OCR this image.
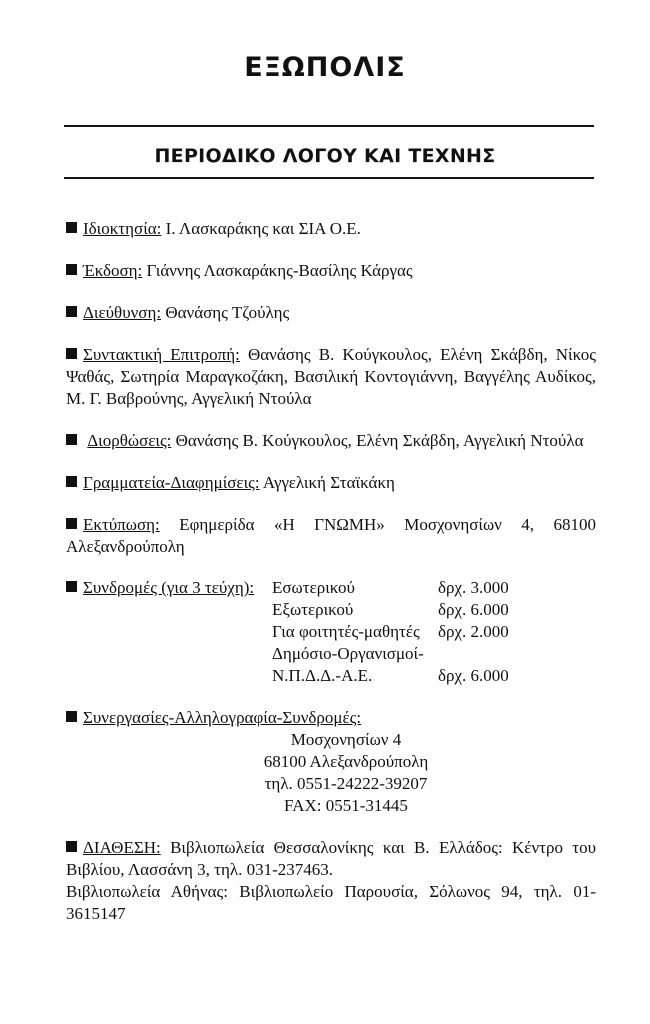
ΕΞΩΠΟΛΙΣ
ΠΕΡΙΟΔΙΚΟ ΛΟΓΟΥ ΚΑΙ ΤΕΧΝΗΣ
Ιδιοκτησία: Ι. Λασκαράκης και ΣΙΑ Ο.Ε.
Έκδοση: Γιάννης Λασκαράκης-Βασίλης Κάργας
Διεύθυνση: Θανάσης Τζούλης
Συντακτική Επιτροπή: Θανάσης Β. Κούγκουλος, Ελένη Σκάβδη, Νίκος Ψαθάς, Σωτηρία Μαραγκοζάκη, Βασιλική Κοντογιάννη, Βαγγέλης Αυδίκος, Μ. Γ. Βαβρούνης, Αγγελική Ντούλα
Διορθώσεις: Θανάσης Β. Κούγκουλος, Ελένη Σκάβδη, Αγγελική Ντούλα
Γραμματεία-Διαφημίσεις: Αγγελική Σταϊκάκη
Εκτύπωση: Εφημερίδα «Η ΓΝΩΜΗ» Μοσχονησίων 4, 68100 Αλεξανδρούπολη
Συνδρομές (για 3 τεύχη):	Εσωτερικού	δρχ. 3.000
	Εξωτερικού	δρχ. 6.000
	Για φοιτητές-μαθητές	δρχ. 2.000
	Δημόσιο-Οργανισμοί-	
	Ν.Π.Δ.Δ.-Α.Ε.	δρχ. 6.000
Συνεργασίες-Αλληλογραφία-Συνδρομές:
Μοσχονησίων 4
68100 Αλεξανδρούπολη
τηλ. 0551-24222-39207
FAX: 0551-31445
ΔΙΑΘΕΣΗ: Βιβλιοπωλεία Θεσσαλονίκης και Β. Ελλάδος: Κέντρο του Βιβλίου, Λασσάνη 3, τηλ. 031-237463.
Βιβλιοπωλεία Αθήνας: Βιβλιοπωλείο Παρουσία, Σόλωνος 94, τηλ. 01-3615147
